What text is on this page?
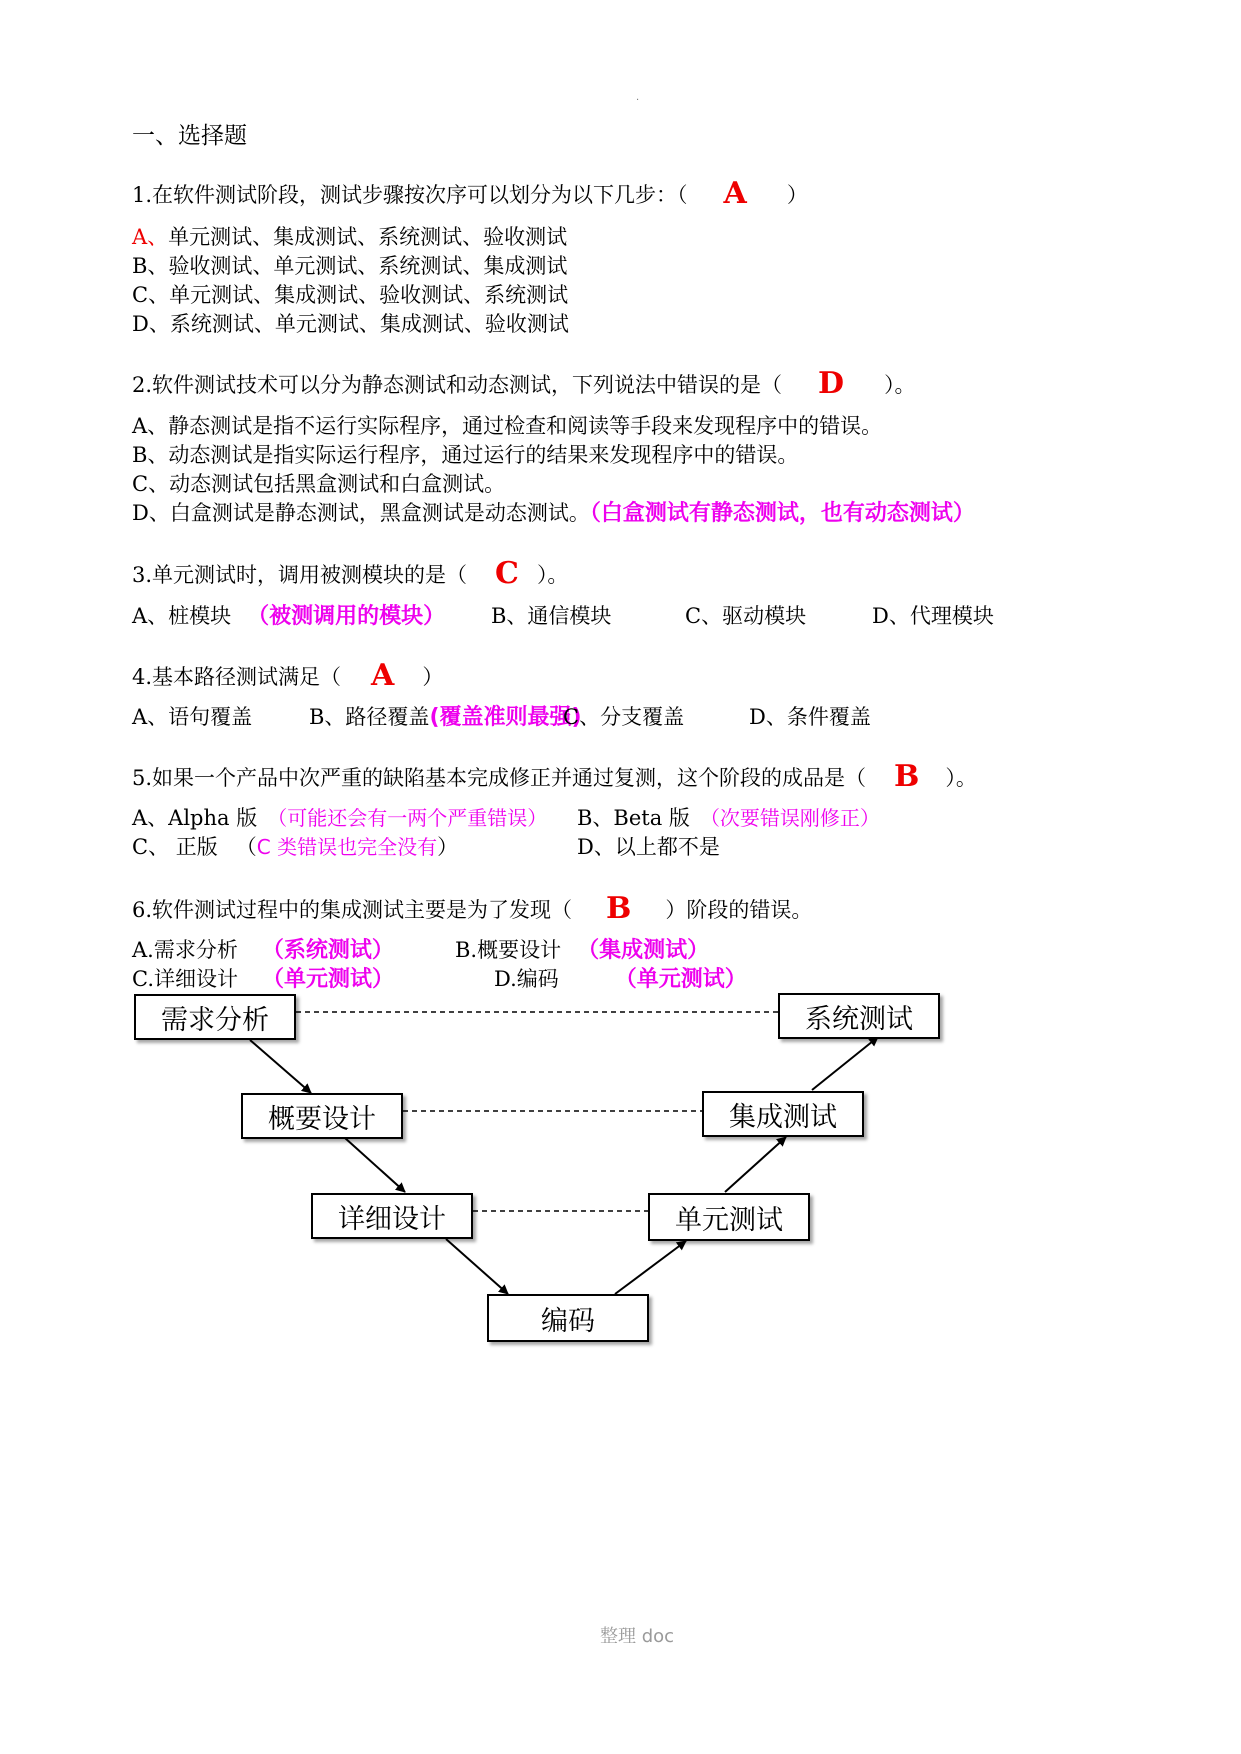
.
一、选择题
1.在软件测试阶段，测试步骤按次序可以划分为以下几步：（ A ）
A、单元测试、集成测试、系统测试、验收测试
B、验收测试、单元测试、系统测试、集成测试
C、单元测试、集成测试、验收测试、系统测试
D、系统测试、单元测试、集成测试、验收测试
2.软件测试技术可以分为静态测试和动态测试，下列说法中错误的是（ D ）。
A、静态测试是指不运行实际程序，通过检查和阅读等手段来发现程序中的错误。
B、动态测试是指实际运行程序，通过运行的结果来发现程序中的错误。
C、动态测试包括黑盒测试和白盒测试。
D、白盒测试是静态测试，黑盒测试是动态测试。（白盒测试有静态测试，也有动态测试）
3.单元测试时，调用被测模块的是（ C ）。
A、桩模块 （被测调用的模块） B、通信模块	C、驱动模块	D、代理模块
4.基本路径测试满足（ A ）
A、语句覆盖	B、路径覆盖(覆盖准则最强)
C、分支覆盖	D、条件覆盖
5.如果一个产品中次严重的缺陷基本完成修正并通过复测，这个阶段的成品是（ B ）。
A、Alpha 版 （可能还会有一两个严重错误） B、Beta 版 （次要错误刚修正）
C、 正版 （C 类错误也完全没有）	D、以上都不是
6.软件测试过程中的集成测试主要是为了发现（ B ）阶段的错误。
A.需求分析 （系统测试）	B.概要设计 （集成测试）
C.详细设计 （单元测试）	D.编码	（单元测试）
需求分析	系统测试
概要设计	集成测试
详细设计	单元测试
编码
整理 doc
